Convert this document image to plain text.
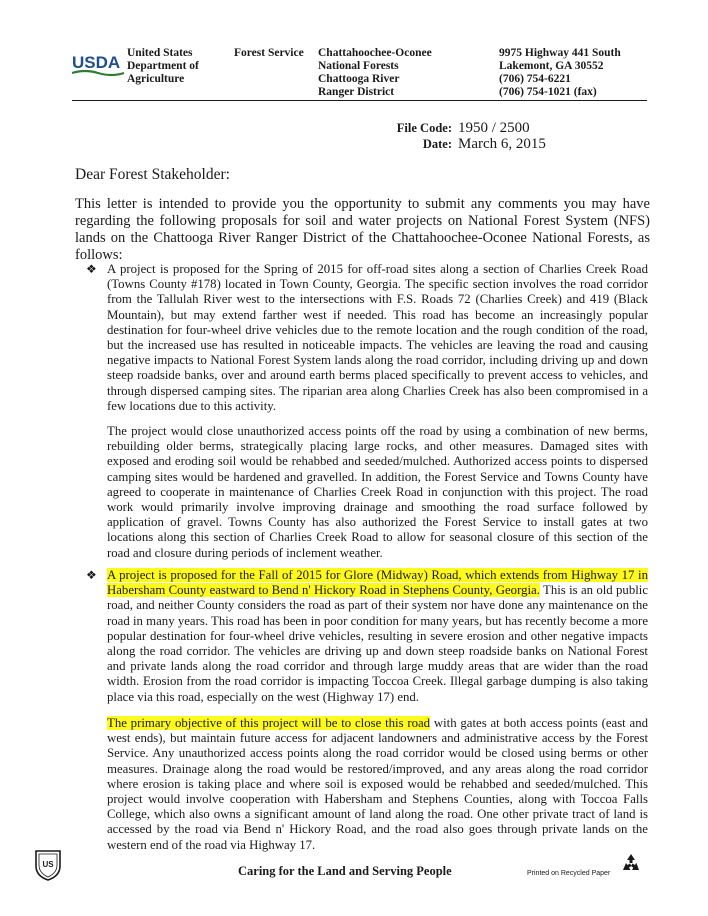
USDA United States Department of Agriculture
Forest Service Chattahoochee-Oconee
National Forests
Chattooga River
Ranger District
9975 Highway 441 South
Lakemont, GA 30552
(706) 754-6221
(706) 754-1021 (fax)
File Code: 1950 / 2500
Date: March 6, 2015
Dear Forest Stakeholder:
This letter is intended to provide you the opportunity to submit any comments you may have regarding the following proposals for soil and water projects on National Forest System (NFS) lands on the Chattooga River Ranger District of the Chattahoochee-Oconee National Forests, as follows:
❖ A project is proposed for the Spring of 2015 for off-road sites along a section of Charlies Creek Road (Towns County #178) located in Town County, Georgia. The specific section involves the road corridor from the Tallulah River west to the intersections with F.S. Roads 72 (Charlies Creek) and 419 (Black Mountain), but may extend farther west if needed. This road has become an increasingly popular destination for four-wheel drive vehicles due to the remote location and the rough condition of the road, but the increased use has resulted in noticeable impacts. The vehicles are leaving the road and causing negative impacts to National Forest System lands along the road corridor, including driving up and down steep roadside banks, over and around earth berms placed specifically to prevent access to vehicles, and through dispersed camping sites. The riparian area along Charlies Creek has also been compromised in a few locations due to this activity.
The project would close unauthorized access points off the road by using a combination of new berms, rebuilding older berms, strategically placing large rocks, and other measures. Damaged sites with exposed and eroding soil would be rehabbed and seeded/mulched. Authorized access points to dispersed camping sites would be hardened and gravelled. In addition, the Forest Service and Towns County have agreed to cooperate in maintenance of Charlies Creek Road in conjunction with this project. The road work would primarily involve improving drainage and smoothing the road surface followed by application of gravel. Towns County has also authorized the Forest Service to install gates at two locations along this section of Charlies Creek Road to allow for seasonal closure of this section of the road and closure during periods of inclement weather.
❖ A project is proposed for the Fall of 2015 for Glore (Midway) Road, which extends from Highway 17 in Habersham County eastward to Bend n' Hickory Road in Stephens County, Georgia. This is an old public road, and neither County considers the road as part of their system nor have done any maintenance on the road in many years. This road has been in poor condition for many years, but has recently become a more popular destination for four-wheel drive vehicles, resulting in severe erosion and other negative impacts along the road corridor. The vehicles are driving up and down steep roadside banks on National Forest and private lands along the road corridor and through large muddy areas that are wider than the road width. Erosion from the road corridor is impacting Toccoa Creek. Illegal garbage dumping is also taking place via this road, especially on the west (Highway 17) end.
The primary objective of this project will be to close this road with gates at both access points (east and west ends), but maintain future access for adjacent landowners and administrative access by the Forest Service. Any unauthorized access points along the road corridor would be closed using berms or other measures. Drainage along the road would be restored/improved, and any areas along the road corridor where erosion is taking place and where soil is exposed would be rehabbed and seeded/mulched. This project would involve cooperation with Habersham and Stephens Counties, along with Toccoa Falls College, which also owns a significant amount of land along the road. One other private tract of land is accessed by the road via Bend n' Hickory Road, and the road also goes through private lands on the western end of the road via Highway 17.
US	Caring for the Land and Serving People	Printed on Recycled Paper
